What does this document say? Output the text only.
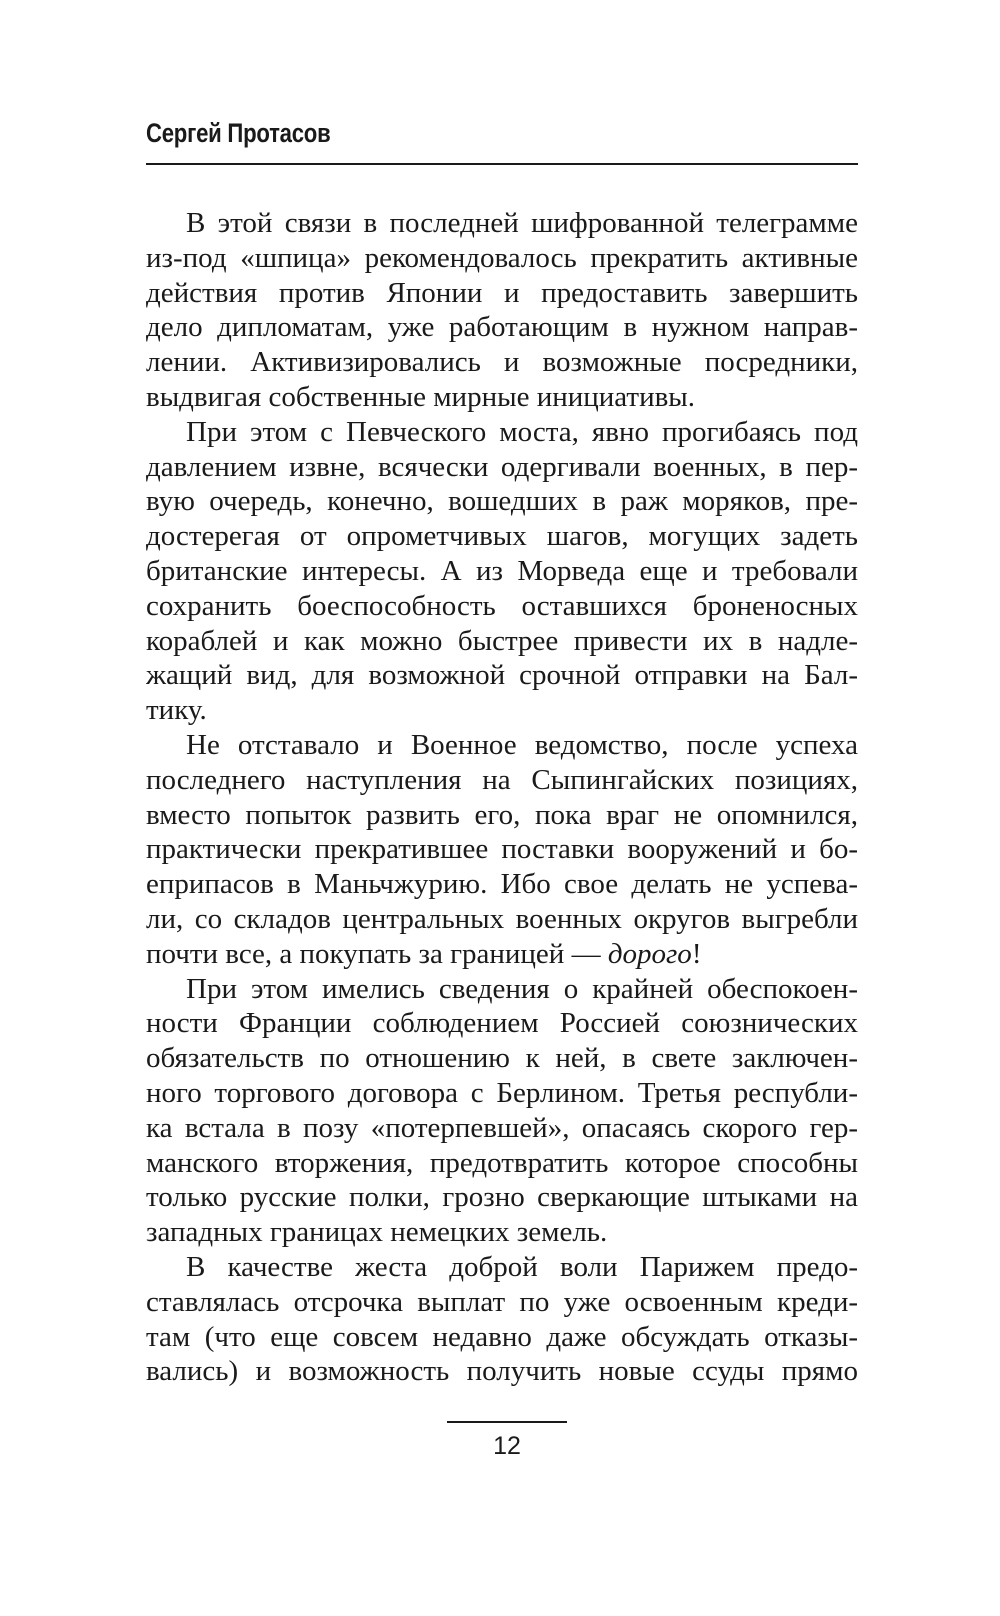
Сергей Протасов
В этой связи в последней шифрованной телеграмме
из-под «шпица» рекомендовалось прекратить активные
действия против Японии и предоставить завершить
дело дипломатам, уже работающим в нужном направ-
лении. Активизировались и возможные посредники,
выдвигая собственные мирные инициативы.
При этом с Певческого моста, явно прогибаясь под
давлением извне, всячески одергивали военных, в пер-
вую очередь, конечно, вошедших в раж моряков, пре-
достерегая от опрометчивых шагов, могущих задеть
британские интересы. А из Морведа еще и требовали
сохранить боеспособность оставшихся броненосных
кораблей и как можно быстрее привести их в надле-
жащий вид, для возможной срочной отправки на Бал-
тику.
Не отставало и Военное ведомство, после успеха
последнего наступления на Сыпингайских позициях,
вместо попыток развить его, пока враг не опомнился,
практически прекратившее поставки вооружений и бо-
еприпасов в Маньчжурию. Ибо свое делать не успева-
ли, со складов центральных военных округов выгребли
почти все, а покупать за границей — дорого!
При этом имелись сведения о крайней обеспокоен-
ности Франции соблюдением Россией союзнических
обязательств по отношению к ней, в свете заключен-
ного торгового договора с Берлином. Третья республи-
ка встала в позу «потерпевшей», опасаясь скорого гер-
манского вторжения, предотвратить которое способны
только русские полки, грозно сверкающие штыками на
западных границах немецких земель.
В качестве жеста доброй воли Парижем предо-
ставлялась отсрочка выплат по уже освоенным креди-
там (что еще совсем недавно даже обсуждать отказы-
вались) и возможность получить новые ссуды прямо
12
